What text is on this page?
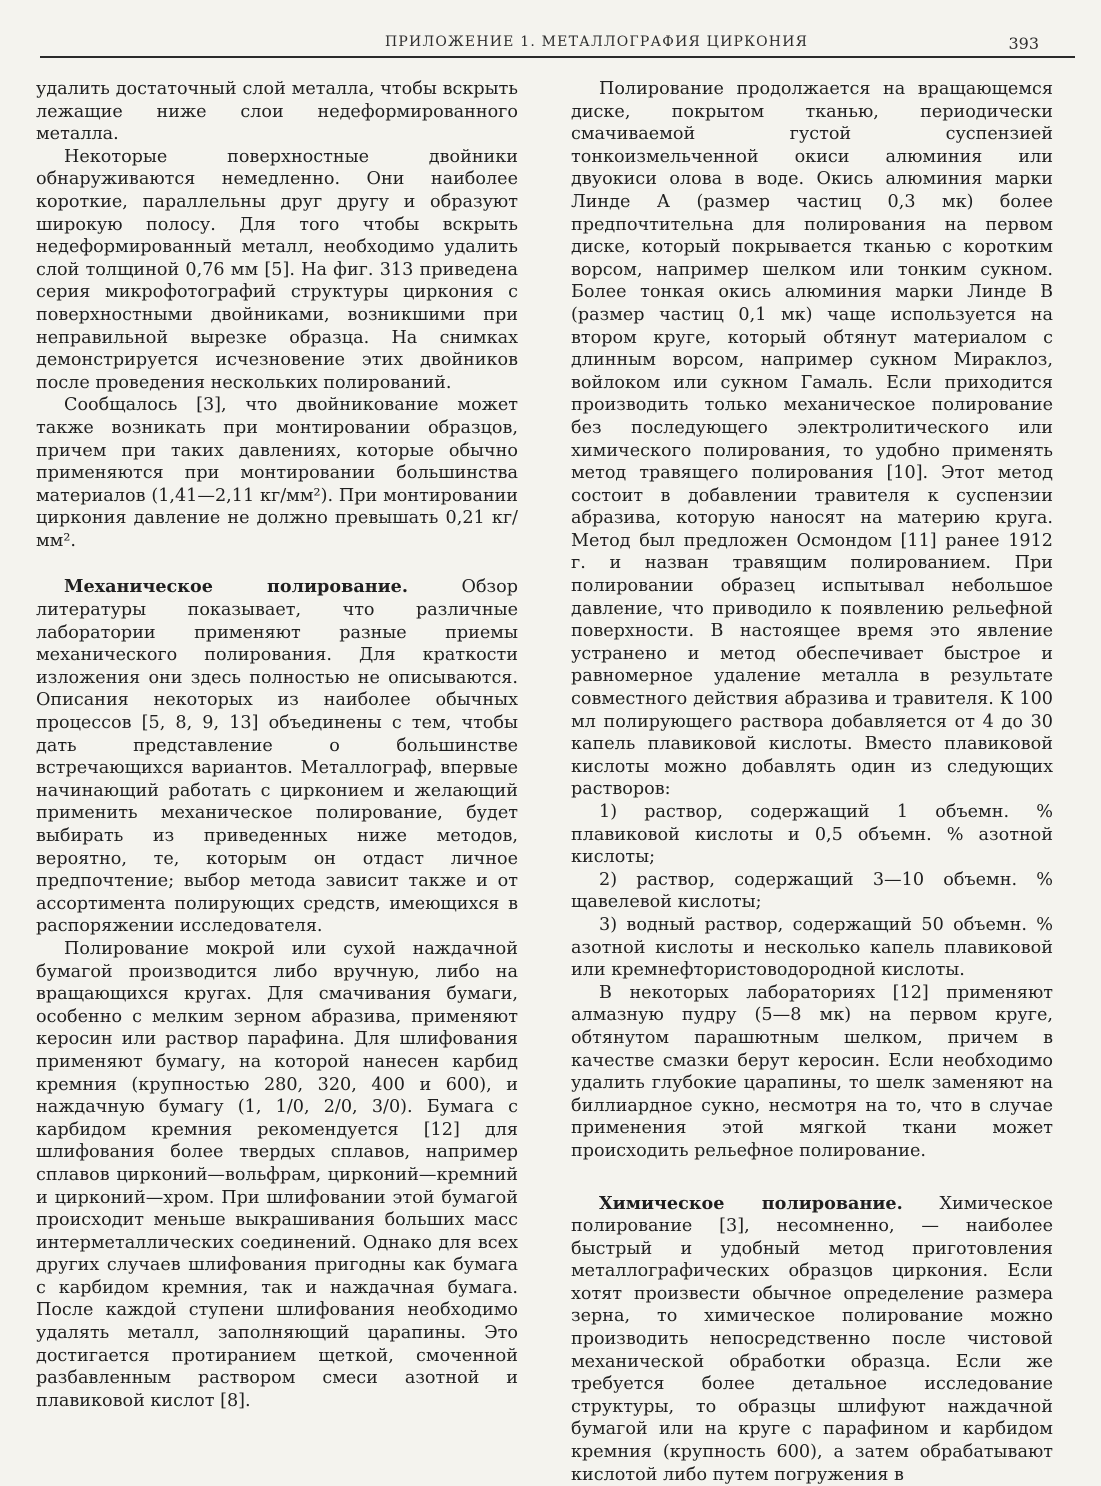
ПРИЛОЖЕНИЕ 1. МЕТАЛЛОГРАФИЯ ЦИРКОНИЯ	393

удалить достаточный слой металла, чтобы вскрыть лежащие ниже слои недеформированного металла.

Некоторые поверхностные двойники обнаруживаются немедленно. Они наиболее короткие, параллельны друг другу и образуют широкую полосу. Для того чтобы вскрыть недеформированный металл, необходимо удалить слой толщиной 0,76 мм [5]. На фиг. 313 приведена серия микрофотографий структуры циркония с поверхностными двойниками, возникшими при неправильной вырезке образца. На снимках демонстрируется исчезновение этих двойников после проведения нескольких полирований.

Сообщалось [3], что двойникование может также возникать при монтировании образцов, причем при таких давлениях, которые обычно применяются при монтировании большинства материалов (1,41—2,11 кг/мм²). При монтировании циркония давление не должно превышать 0,21 кг/мм².

Механическое полирование.	Обзор литературы показывает, что различные лаборатории применяют разные приемы механического полирования. Для краткости изложения они здесь полностью не описываются. Описания некоторых из наиболее обычных процессов [5, 8, 9, 13] объединены с тем, чтобы дать представление о большинстве встречающихся вариантов. Металлограф, впервые начинающий работать с цирконием и желающий применить механическое полирование, будет выбирать из приведенных ниже методов, вероятно, те, которым он отдаст личное предпочтение; выбор метода зависит также и от ассортимента полирующих средств, имеющихся в распоряжении исследователя.

Полирование мокрой или сухой наждачной бумагой производится либо вручную, либо на вращающихся кругах. Для смачивания бумаги, особенно с мелким зерном абразива, применяют керосин или раствор парафина. Для шлифования применяют бумагу, на которой нанесен карбид кремния (крупностью 280, 320, 400 и 600), и наждачную бумагу (1, 1/0, 2/0, 3/0). Бумага с карбидом кремния рекомендуется [12] для шлифования более твердых сплавов, например сплавов цирконий—вольфрам, цирконий—кремний и цирконий—хром. При шлифовании этой бумагой происходит меньше выкрашивания больших масс интерметаллических соединений. Однако для всех других случаев шлифования пригодны как бумага с карбидом кремния, так и наждачная бумага. После каждой ступени шлифования необходимо удалять металл, заполняющий царапины. Это достигается протиранием щеткой, смоченной разбавленным раствором смеси азотной и плавиковой кислот [8].

Полирование продолжается на вращающемся диске, покрытом тканью, периодически смачиваемой густой суспензией тонкоизмельченной окиси алюминия или двуокиси олова в воде. Окись алюминия марки Линде А (размер частиц 0,3 мк) более предпочтительна для полирования на первом диске, который покрывается тканью с коротким ворсом, например шелком или тонким сукном. Более тонкая окись алюминия марки Линде В (размер частиц 0,1 мк) чаще используется на втором круге, который обтянут материалом с длинным ворсом, например сукном Мираклоз, войлоком или сукном Гамаль. Если приходится производить только механическое полирование без последующего электролитического или химического полирования, то удобно применять метод травящего полирования [10]. Этот метод состоит в добавлении травителя к суспензии абразива, которую наносят на материю круга. Метод был предложен Осмондом [11] ранее 1912 г. и назван травящим полированием. При полировании образец испытывал небольшое давление, что приводило к появлению рельефной поверхности. В настоящее время это явление устранено и метод обеспечивает быстрое и равномерное удаление металла в результате совместного действия абразива и травителя. К 100 мл полирующего раствора добавляется от 4 до 30 капель плавиковой кислоты. Вместо плавиковой кислоты можно добавлять один из следующих растворов:

1) раствор, содержащий 1 объемн. % плавиковой кислоты и 0,5 объемн. % азотной кислоты;

2) раствор, содержащий 3—10 объемн. % щавелевой кислоты;

3) водный раствор, содержащий 50 объемн. % азотной кислоты и несколько капель плавиковой или кремнефтористоводородной кислоты.

В некоторых лабораториях [12] применяют алмазную пудру (5—8 мк) на первом круге, обтянутом парашютным шелком, причем в качестве смазки берут керосин. Если необходимо удалить глубокие царапины, то шелк заменяют на биллиардное сукно, несмотря на то, что в случае применения этой мягкой ткани может происходить рельефное полирование.

Химическое полирование. Химическое полирование [3], несомненно, — наиболее быстрый и удобный метод приготовления металлографических образцов циркония. Если хотят произвести обычное определение размера зерна, то химическое полирование можно производить непосредственно после чистовой механической обработки образца. Если же требуется более детальное исследование структуры, то образцы шлифуют наждачной бумагой или на круге с парафином и карбидом кремния (крупность 600), а затем обрабатывают кислотой либо путем погружения в
